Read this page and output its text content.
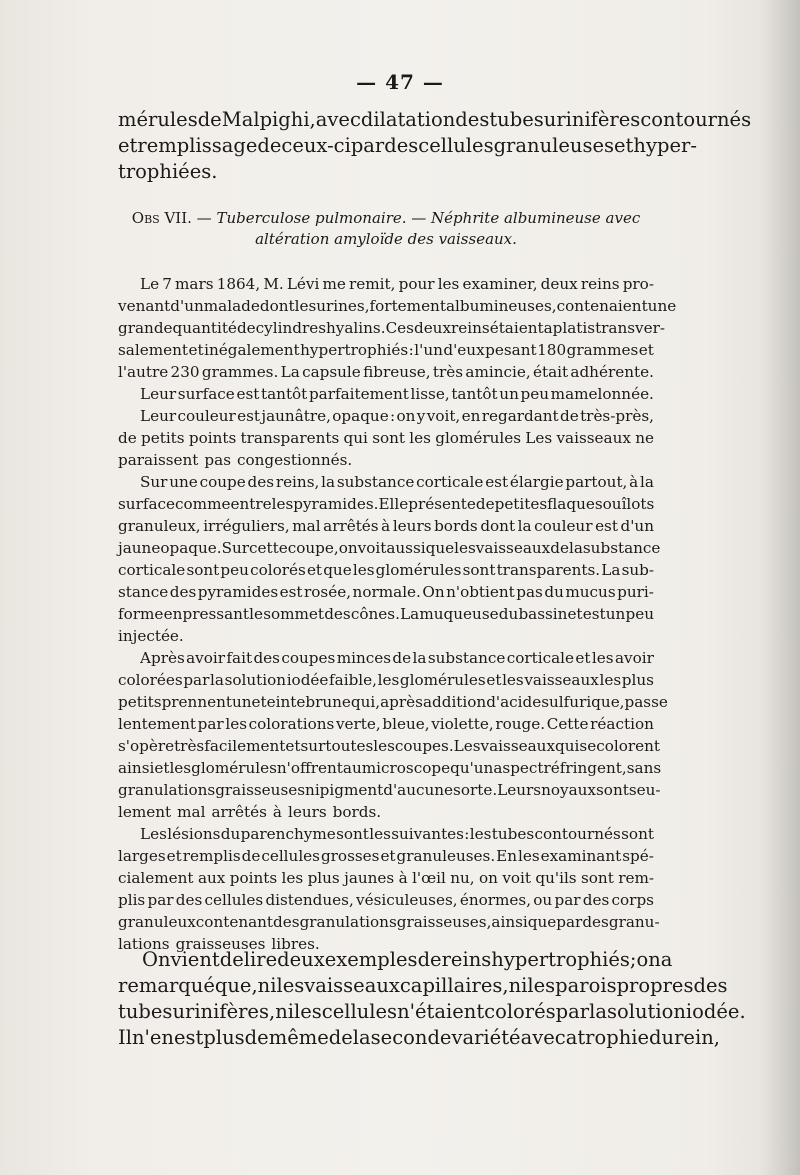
— 47 —
mérules de Malpighi, avec dilatation des tubes urinifères contournés
et remplissage de ceux-ci par des cellules granuleuses et hyper-
trophiées.
Obs VII. — Tuberculose pulmonaire. — Néphrite albumineuse avec
altération amyloïde des vaisseaux.
Le 7 mars 1864, M. Lévi me remit, pour les examiner, deux reins pro-
venant d'un malade dont les urines, fortement albumineuses, contenaient une
grande quantité de cylindres hyalins. Ces deux reins étaient aplatis transver-
salement et inégalement hypertrophiés : l'un d'eux pesant 180 grammes et
l'autre 230 grammes. La capsule fibreuse, très amincie, était adhérente.
Leur surface est tantôt parfaitement lisse, tantôt un peu mamelonnée.
Leur couleur est jaunâtre, opaque : on y voit, en regardant de très-près,
de petits points transparents qui sont les glomérules Les vaisseaux ne
paraissent pas congestionnés.
Sur une coupe des reins, la substance corticale est élargie partout, à la
surface comme entre les pyramides. Elle présente de petites flaques ou îlots
granuleux, irréguliers, mal arrêtés à leurs bords dont la couleur est d'un
jaune opaque. Sur cette coupe, on voit aussi que les vaisseaux de la substance
corticale sont peu colorés et que les glomérules sont transparents. La sub-
stance des pyramides est rosée, normale. On n'obtient pas du mucus puri-
forme en pressant le sommet des cônes. La muqueuse du bassinet est un peu
injectée.
Après avoir fait des coupes minces de la substance corticale et les avoir
colorées par la solution iodée faible, les glomérules et les vaisseaux les plus
petits prennent une teinte brune qui, après addition d'acide sulfurique, passe
lentement par les colorations verte, bleue, violette, rouge. Cette réaction
s'opère très facilement et sur toutes les coupes. Les vaisseaux qui se colorent
ainsi et les glomérules n'offrent au microscope qu'un aspect réfringent, sans
granulations graisseuses ni pigment d'aucune sorte. Leurs noyaux sont seu-
lement mal arrêtés à leurs bords.
Les lésions du parenchyme sont les suivantes : les tubes contournés sont
larges et remplis de cellules grosses et granuleuses. En les examinant spé-
cialement aux points les plus jaunes à l'œil nu, on voit qu'ils sont rem-
plis par des cellules distendues, vésiculeuses, énormes, ou par des corps
granuleux contenant des granulations graisseuses, ainsi que par des granu-
lations graisseuses libres.
On vient de lire deux exemples de reins hypertrophiés; on a
remarqué que, ni les vaisseaux capillaires, ni les parois propres des
tubes urinifères, ni les cellules n'étaient colorés par la solution iodée.
Il n'en est plus de même de la seconde variété avec atrophie du rein,
